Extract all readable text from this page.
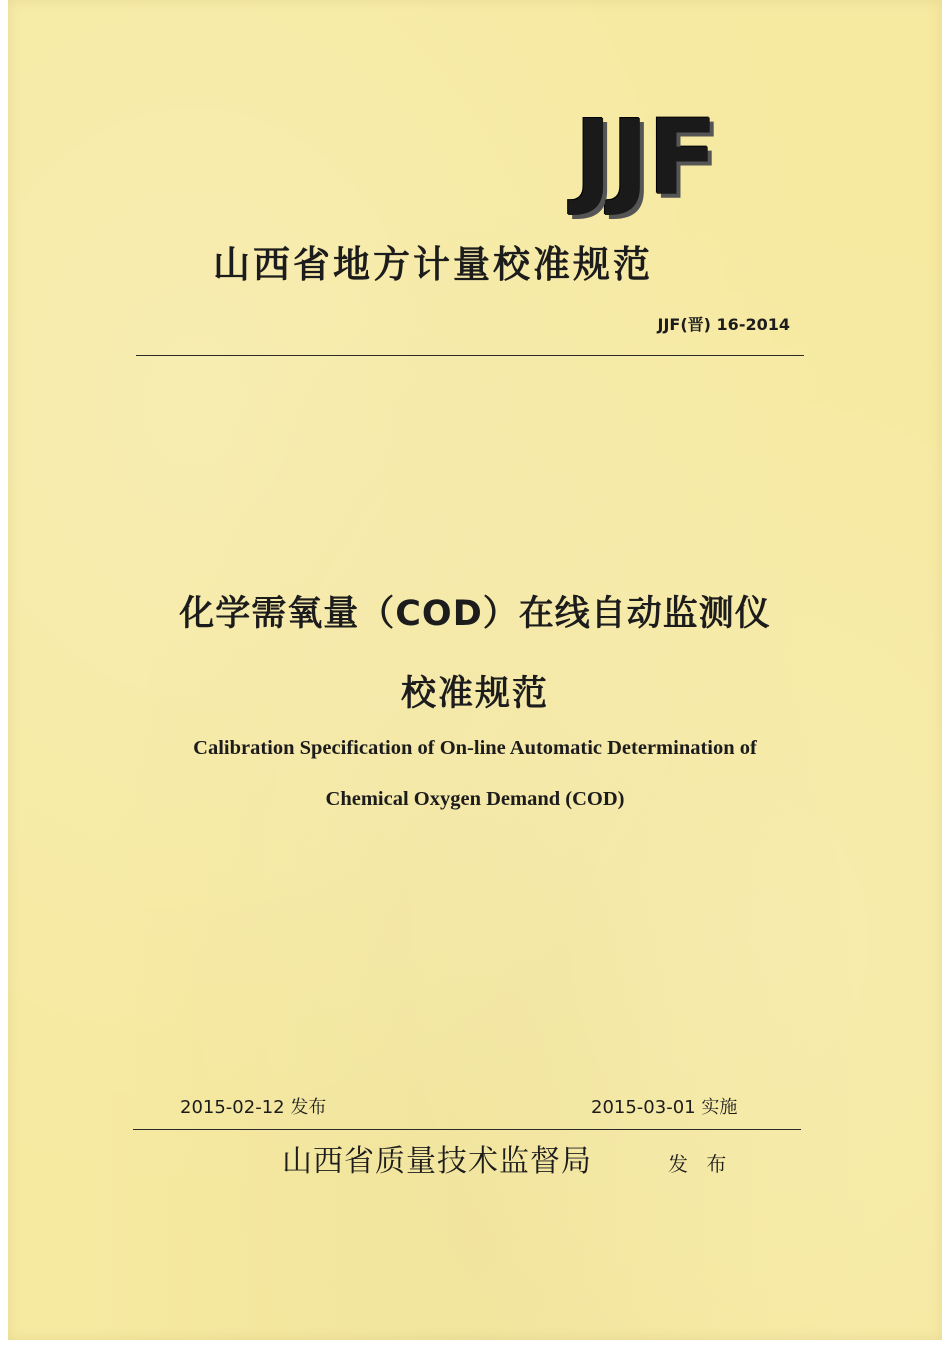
JJF
山西省地方计量校准规范
JJF(晋) 16-2014
化学需氧量（COD）在线自动监测仪
校准规范
Calibration Specification of On-line Automatic Determination of
Chemical Oxygen Demand (COD)
2015-02-12 发布	2015-03-01 实施
山西省质量技术监督局	发 布
